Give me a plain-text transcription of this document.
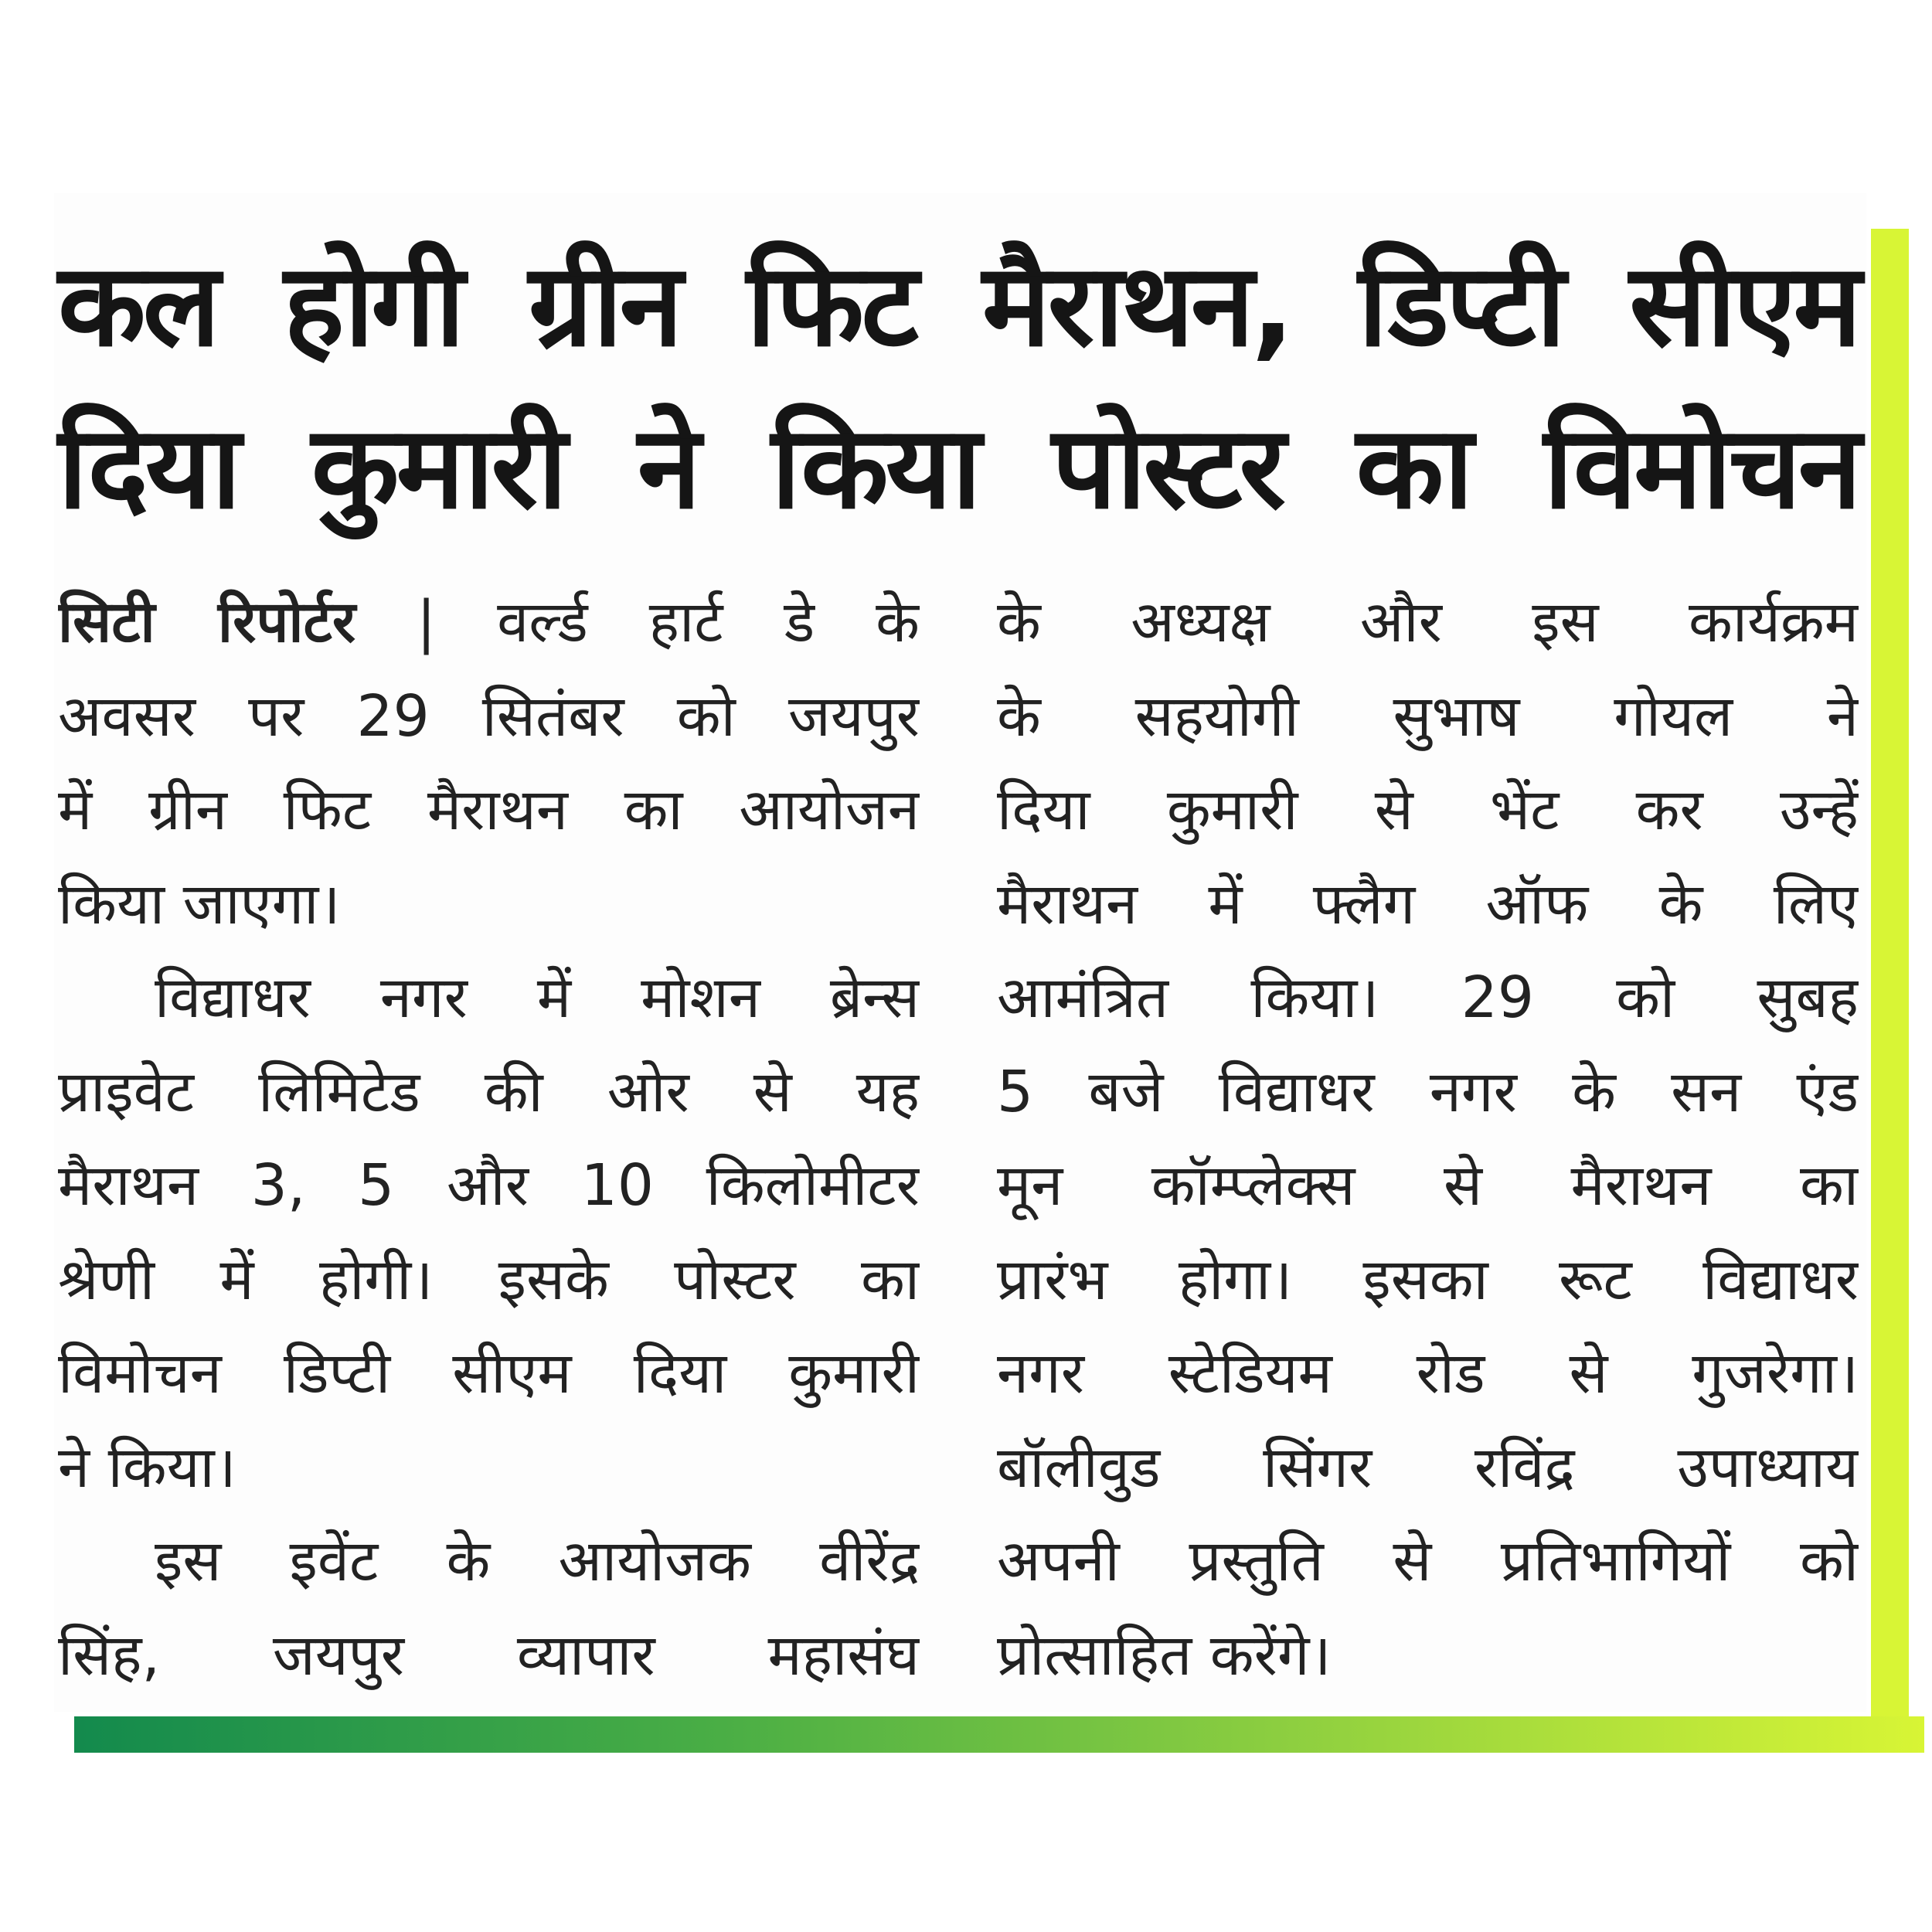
कल होगी ग्रीन फिट मैराथन, डिप्टी सीएम
दिया कुमारी ने किया पोस्टर का विमोचन
सिटी रिपोर्टर | वर्ल्ड हार्ट डे के
अवसर पर 29 सितंबर को जयपुर
में ग्रीन फिट मैराथन का आयोजन
किया जाएगा।
विद्याधर नगर में मोशन ब्रेन्स
प्राइवेट लिमिटेड की ओर से यह
मैराथन 3, 5 और 10 किलोमीटर
श्रेणी में होगी। इसके पोस्टर का
विमोचन डिप्टी सीएम दिया कुमारी
ने किया।
इस इवेंट के आयोजक वीरेंद्र
सिंह, जयपुर व्यापार महासंघ
के अध्यक्ष और इस कार्यक्रम
के सहयोगी सुभाष गोयल ने
दिया कुमारी से भेंट कर उन्हें
मैराथन में फ्लैग ऑफ के लिए
आमंत्रित किया। 29 को सुबह
5 बजे विद्याधर नगर के सन एंड
मून कॉम्प्लेक्स से मैराथन का
प्रारंभ होगा। इसका रूट विद्याधर
नगर स्टेडियम रोड से गुजरेगा।
बॉलीवुड सिंगर रविंद्र उपाध्याय
अपनी प्रस्तुति से प्रतिभागियों को
प्रोत्साहित करेंगे।
